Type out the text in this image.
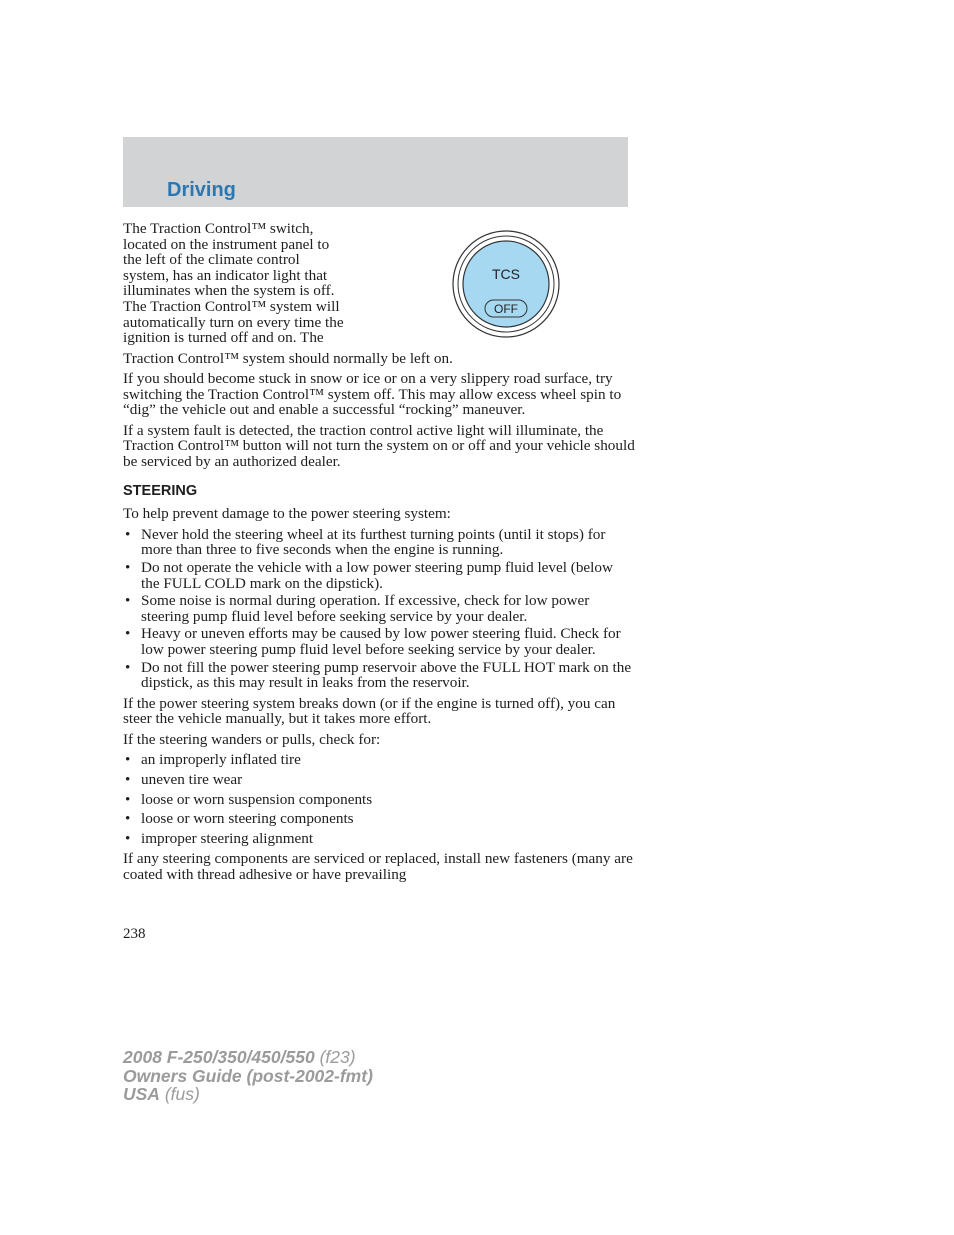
Driving
The Traction Control™ switch,
located on the instrument panel to
the left of the climate control
system, has an indicator light that
illuminates when the system is off.
The Traction Control™ system will
automatically turn on every time the
ignition is turned off and on. The
Traction Control™ system should normally be left on.
TCS
OFF

If you should become stuck in snow or ice or on a very slippery road surface, try switching the Traction Control™ system off. This may allow excess wheel spin to “dig” the vehicle out and enable a successful “rocking” maneuver.

If a system fault is detected, the traction control active light will illuminate, the Traction Control™ button will not turn the system on or off and your vehicle should be serviced by an authorized dealer.

STEERING

To help prevent damage to the power steering system:

• Never hold the steering wheel at its furthest turning points (until it stops) for more than three to five seconds when the engine is running.
• Do not operate the vehicle with a low power steering pump fluid level (below the FULL COLD mark on the dipstick).
• Some noise is normal during operation. If excessive, check for low power steering pump fluid level before seeking service by your dealer.
• Heavy or uneven efforts may be caused by low power steering fluid. Check for low power steering pump fluid level before seeking service by your dealer.
• Do not fill the power steering pump reservoir above the FULL HOT mark on the dipstick, as this may result in leaks from the reservoir.

If the power steering system breaks down (or if the engine is turned off), you can steer the vehicle manually, but it takes more effort.

If the steering wanders or pulls, check for:

• an improperly inflated tire
• uneven tire wear
• loose or worn suspension components
• loose or worn steering components
• improper steering alignment

If any steering components are serviced or replaced, install new fasteners (many are coated with thread adhesive or have prevailing

238
2008 F-250/350/450/550 (f23)
Owners Guide (post-2002-fmt)
USA (fus)
